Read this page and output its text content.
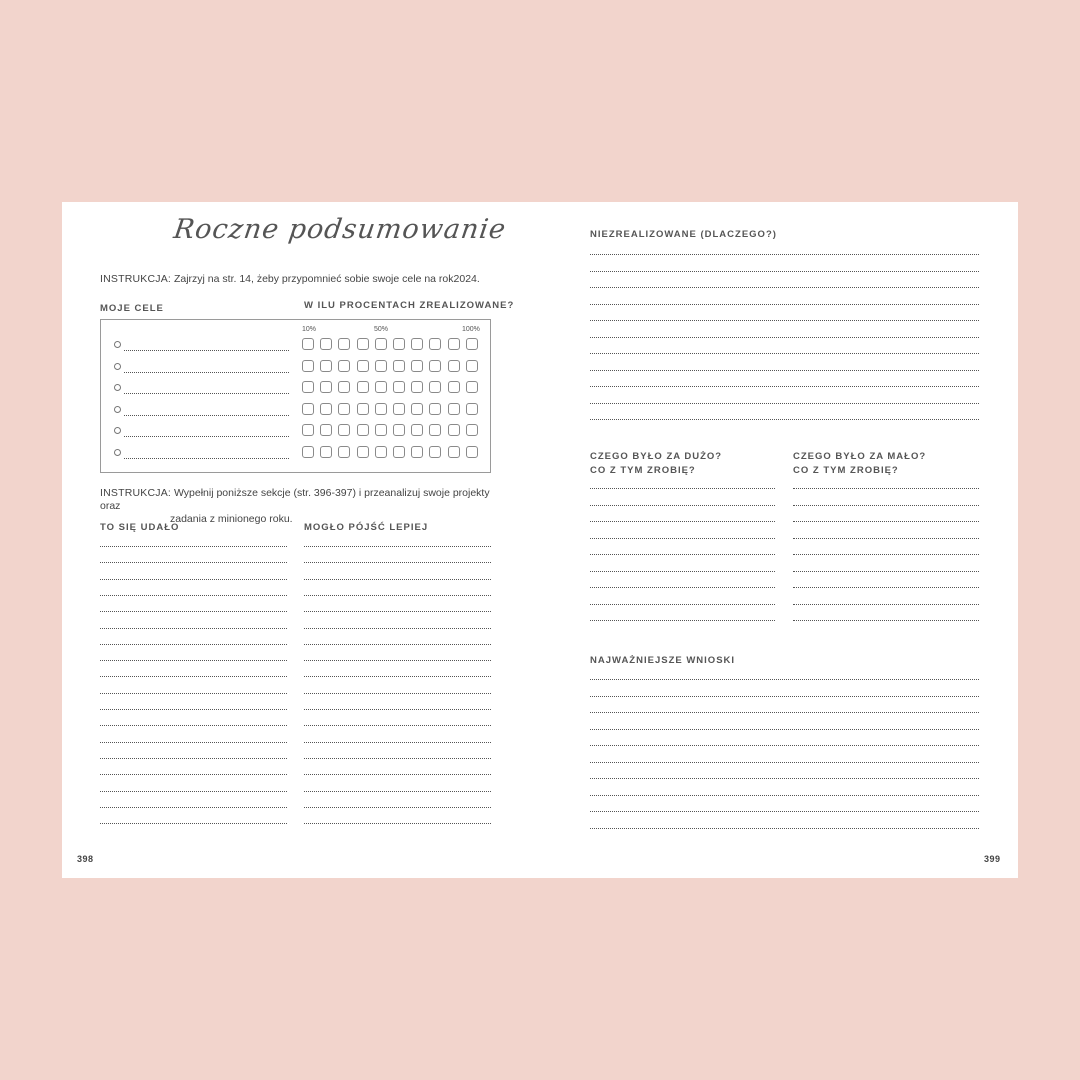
Roczne podsumowanie
INSTRUKCJA: Zajrzyj na str. 14, żeby przypomnieć sobie swoje cele na rok2024.
MOJE CELE	W ILU PROCENTACH ZREALIZOWANE?
10%	50%	100%
INSTRUKCJA: Wypełnij poniższe sekcje (str. 396-397) i przeanalizuj swoje projekty oraz
zadania z minionego roku.
TO SIĘ UDAŁO	MOGŁO PÓJŚĆ LEPIEJ
398
NIEZREALIZOWANE (DLACZEGO?)
CZEGO BYŁO ZA DUŻO?
CO Z TYM ZROBIĘ?
CZEGO BYŁO ZA MAŁO?
CO Z TYM ZROBIĘ?
NAJWAŻNIEJSZE WNIOSKI
399
